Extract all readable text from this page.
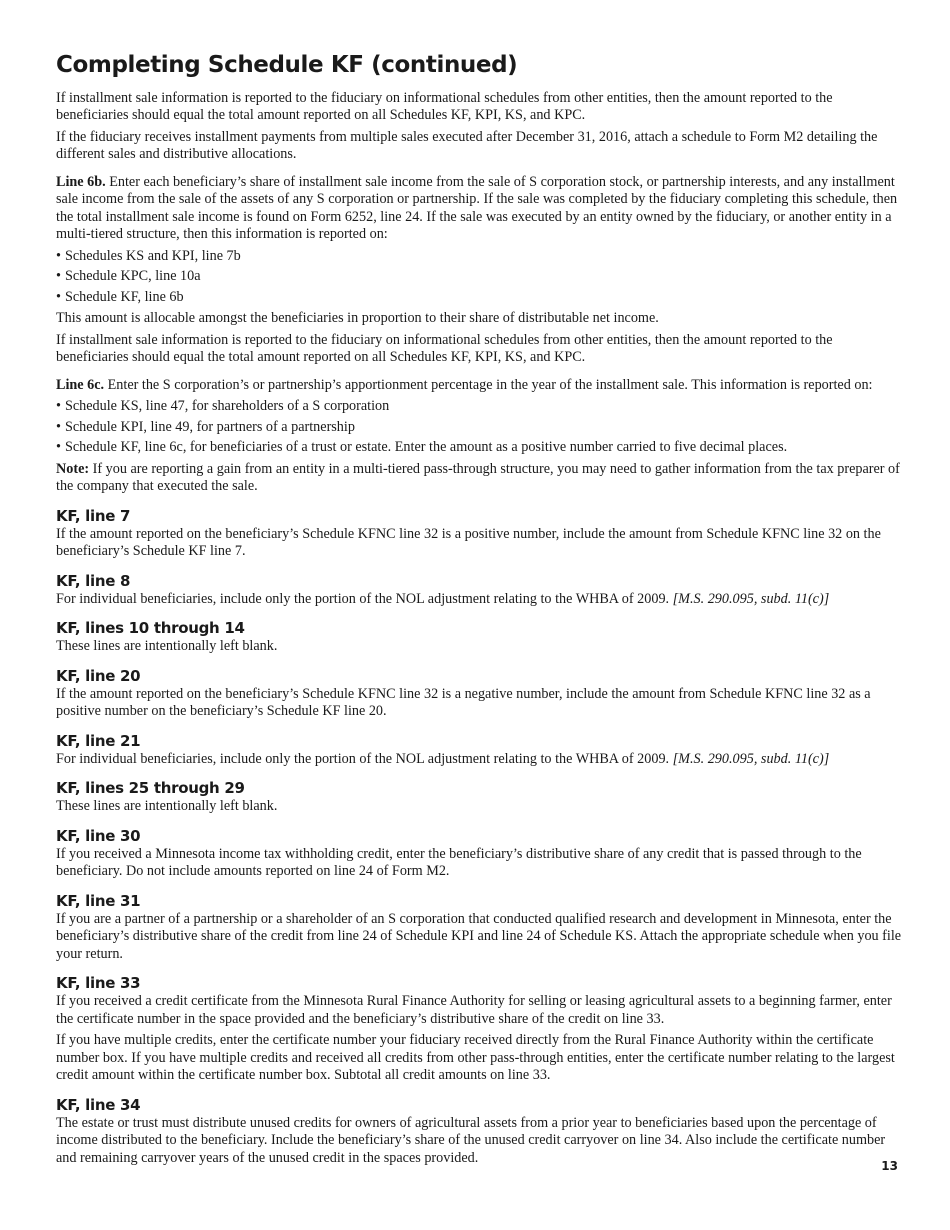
Completing Schedule KF (continued)

If installment sale information is reported to the fiduciary on informational schedules from other entities, then the amount reported to the beneficiaries should equal the total amount reported on all Schedules KF, KPI, KS, and KPC.

If the fiduciary receives installment payments from multiple sales executed after December 31, 2016, attach a schedule to Form M2 detailing the different sales and distributive allocations.

Line 6b. Enter each beneficiary’s share of installment sale income from the sale of S corporation stock, or partnership interests, and any installment sale income from the sale of the assets of any S corporation or partnership. If the sale was completed by the fiduciary completing this schedule, then the total installment sale income is found on Form 6252, line 24. If the sale was executed by an entity owned by the fiduciary, or another entity in a multi-tiered structure, then this information is reported on:

• Schedules KS and KPI, line 7b
• Schedule KPC, line 10a
• Schedule KF, line 6b

This amount is allocable amongst the beneficiaries in proportion to their share of distributable net income.

If installment sale information is reported to the fiduciary on informational schedules from other entities, then the amount reported to the beneficiaries should equal the total amount reported on all Schedules KF, KPI, KS, and KPC.

Line 6c. Enter the S corporation’s or partnership’s apportionment percentage in the year of the installment sale. This information is reported on:

• Schedule KS, line 47, for shareholders of a S corporation
• Schedule KPI, line 49, for partners of a partnership
• Schedule KF, line 6c, for beneficiaries of a trust or estate. Enter the amount as a positive number carried to five decimal places.

Note: If you are reporting a gain from an entity in a multi-tiered pass-through structure, you may need to gather information from the tax preparer of the company that executed the sale.

KF, line 7

If the amount reported on the beneficiary’s Schedule KFNC line 32 is a positive number, include the amount from Schedule KFNC line 32 on the beneficiary’s Schedule KF line 7.

KF, line 8

For individual beneficiaries, include only the portion of the NOL adjustment relating to the WHBA of 2009. [M.S. 290.095, subd. 11(c)]

KF, lines 10 through 14

These lines are intentionally left blank.

KF, line 20

If the amount reported on the beneficiary’s Schedule KFNC line 32 is a negative number, include the amount from Schedule KFNC line 32 as a positive number on the beneficiary’s Schedule KF line 20.

KF, line 21

For individual beneficiaries, include only the portion of the NOL adjustment relating to the WHBA of 2009. [M.S. 290.095, subd. 11(c)]

KF, lines 25 through 29

These lines are intentionally left blank.

KF, line 30

If you received a Minnesota income tax withholding credit, enter the beneficiary’s distributive share of any credit that is passed through to the beneficiary. Do not include amounts reported on line 24 of Form M2.

KF, line 31

If you are a partner of a partnership or a shareholder of an S corporation that conducted qualified research and development in Minnesota, enter the beneficiary’s distributive share of the credit from line 24 of Schedule KPI and line 24 of Schedule KS. Attach the appropriate schedule when you file your return.

KF, line 33

If you received a credit certificate from the Minnesota Rural Finance Authority for selling or leasing agricultural assets to a beginning farmer, enter the certificate number in the space provided and the beneficiary’s distributive share of the credit on line 33.

If you have multiple credits, enter the certificate number your fiduciary received directly from the Rural Finance Authority within the certificate number box. If you have multiple credits and received all credits from other pass-through entities, enter the certificate number relating to the largest credit amount within the certificate number box. Subtotal all credit amounts on line 33.

KF, line 34

The estate or trust must distribute unused credits for owners of agricultural assets from a prior year to beneficiaries based upon the percentage of income distributed to the beneficiary. Include the beneficiary’s share of the unused credit carryover on line 34. Also include the certificate number and remaining carryover years of the unused credit in the spaces provided.

13
